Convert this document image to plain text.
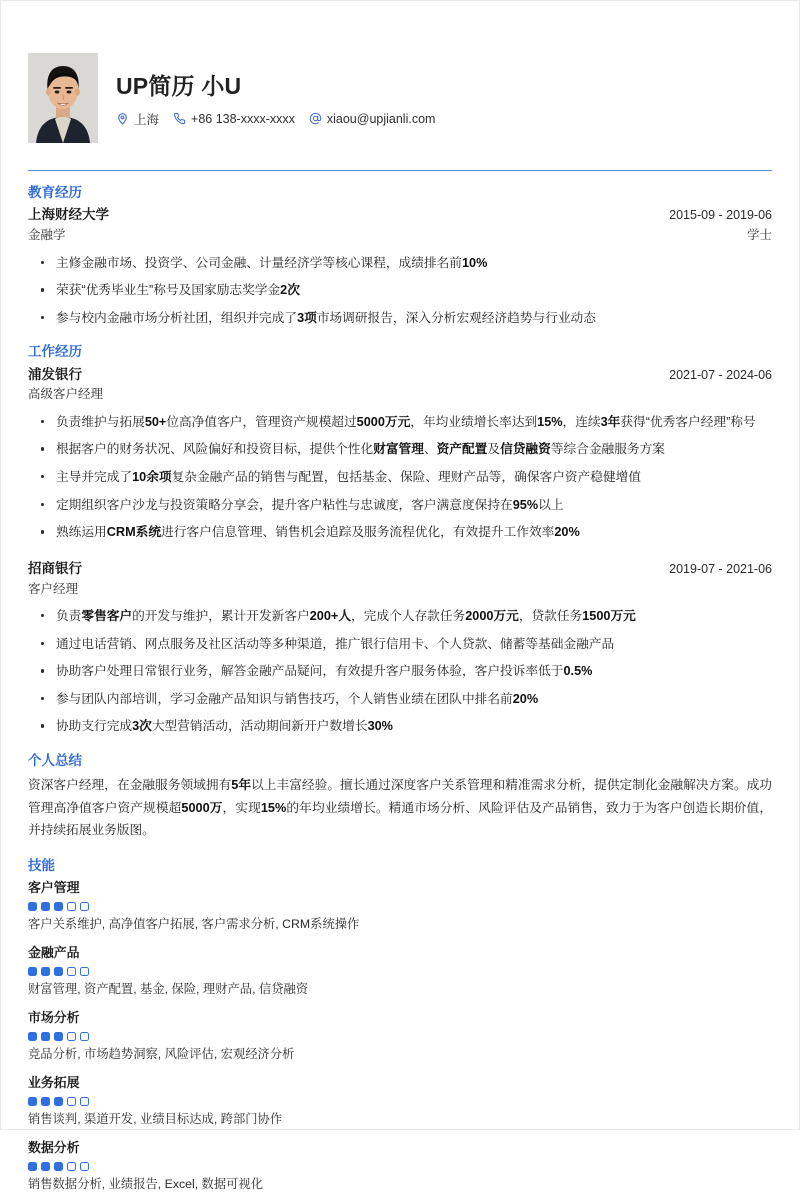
UP简历 小U
上海	+86 138-xxxx-xxxx	xiaou@upjianli.com
教育经历
上海财经大学	2015-09 - 2019-06
金融学	学士
主修金融市场、投资学、公司金融、计量经济学等核心课程，成绩排名前10%
荣获“优秀毕业生”称号及国家励志奖学金2次
参与校内金融市场分析社团，组织并完成了3项市场调研报告，深入分析宏观经济趋势与行业动态
工作经历
浦发银行	2021-07 - 2024-06
高级客户经理
负责维护与拓展50+位高净值客户，管理资产规模超过5000万元，年均业绩增长率达到15%，连续3年获得“优秀客户经理”称号
根据客户的财务状况、风险偏好和投资目标，提供个性化财富管理、资产配置及信贷融资等综合金融服务方案
主导并完成了10余项复杂金融产品的销售与配置，包括基金、保险、理财产品等，确保客户资产稳健增值
定期组织客户沙龙与投资策略分享会，提升客户粘性与忠诚度，客户满意度保持在95%以上
熟练运用CRM系统进行客户信息管理、销售机会追踪及服务流程优化，有效提升工作效率20%
招商银行	2019-07 - 2021-06
客户经理
负责零售客户的开发与维护，累计开发新客户200+人，完成个人存款任务2000万元，贷款任务1500万元
通过电话营销、网点服务及社区活动等多种渠道，推广银行信用卡、个人贷款、储蓄等基础金融产品
协助客户处理日常银行业务，解答金融产品疑问，有效提升客户服务体验，客户投诉率低于0.5%
参与团队内部培训，学习金融产品知识与销售技巧，个人销售业绩在团队中排名前20%
协助支行完成3次大型营销活动，活动期间新开户数增长30%
个人总结
资深客户经理，在金融服务领域拥有5年以上丰富经验。擅长通过深度客户关系管理和精准需求分析，提供定制化金融解决方案。成功管理高净值客户资产规模超5000万，实现15%的年均业绩增长。精通市场分析、风险评估及产品销售，致力于为客户创造长期价值，并持续拓展业务版图。
技能
客户管理
客户关系维护, 高净值客户拓展, 客户需求分析, CRM系统操作
金融产品
财富管理, 资产配置, 基金, 保险, 理财产品, 信贷融资
市场分析
竞品分析, 市场趋势洞察, 风险评估, 宏观经济分析
业务拓展
销售谈判, 渠道开发, 业绩目标达成, 跨部门协作
数据分析
销售数据分析, 业绩报告, Excel, 数据可视化
